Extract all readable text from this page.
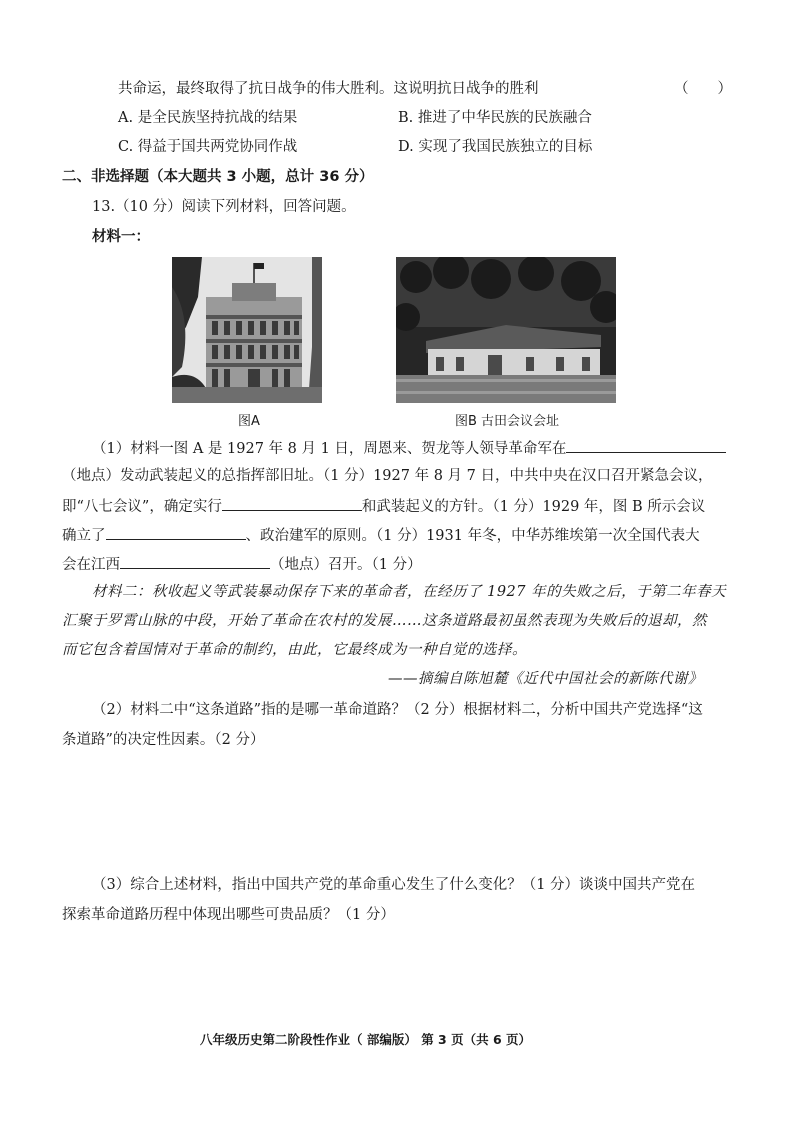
共命运，最终取得了抗日战争的伟大胜利。这说明抗日战争的胜利	（　　）
A. 是全民族坚持抗战的结果	B. 推进了中华民族的民族融合
C. 得益于国共两党协同作战	D. 实现了我国民族独立的目标
二、非选择题（本大题共 3 小题，总计 36 分）
13.（10 分）阅读下列材料，回答问题。
材料一：
图A	图B 古田会议会址
（1）材料一图 A 是 1927 年 8 月 1 日，周恩来、贺龙等人领导革命军在
（地点）发动武装起义的总指挥部旧址。（1 分）1927 年 8 月 7 日，中共中央在汉口召开紧急会议，
即“八七会议”，确定实行	和武装起义的方针。（1 分）1929 年，图 B 所示会议
确立了	、政治建军的原则。（1 分）1931 年冬，中华苏维埃第一次全国代表大
会在江西	（地点）召开。（1 分）
材料二：秋收起义等武装暴动保存下来的革命者，在经历了 1927 年的失败之后，于第二年春天
汇聚于罗霄山脉的中段，开始了革命在农村的发展……这条道路最初虽然表现为失败后的退却，然
而它包含着国情对于革命的制约，由此，它最终成为一种自觉的选择。
——摘编自陈旭麓《近代中国社会的新陈代谢》
（2）材料二中“这条道路”指的是哪一革命道路？（2 分）根据材料二，分析中国共产党选择“这
条道路”的决定性因素。（2 分）
（3）综合上述材料，指出中国共产党的革命重心发生了什么变化？（1 分）谈谈中国共产党在
探索革命道路历程中体现出哪些可贵品质？（1 分）
八年级历史第二阶段性作业（ 部编版） 第 3 页（共 6 页）
